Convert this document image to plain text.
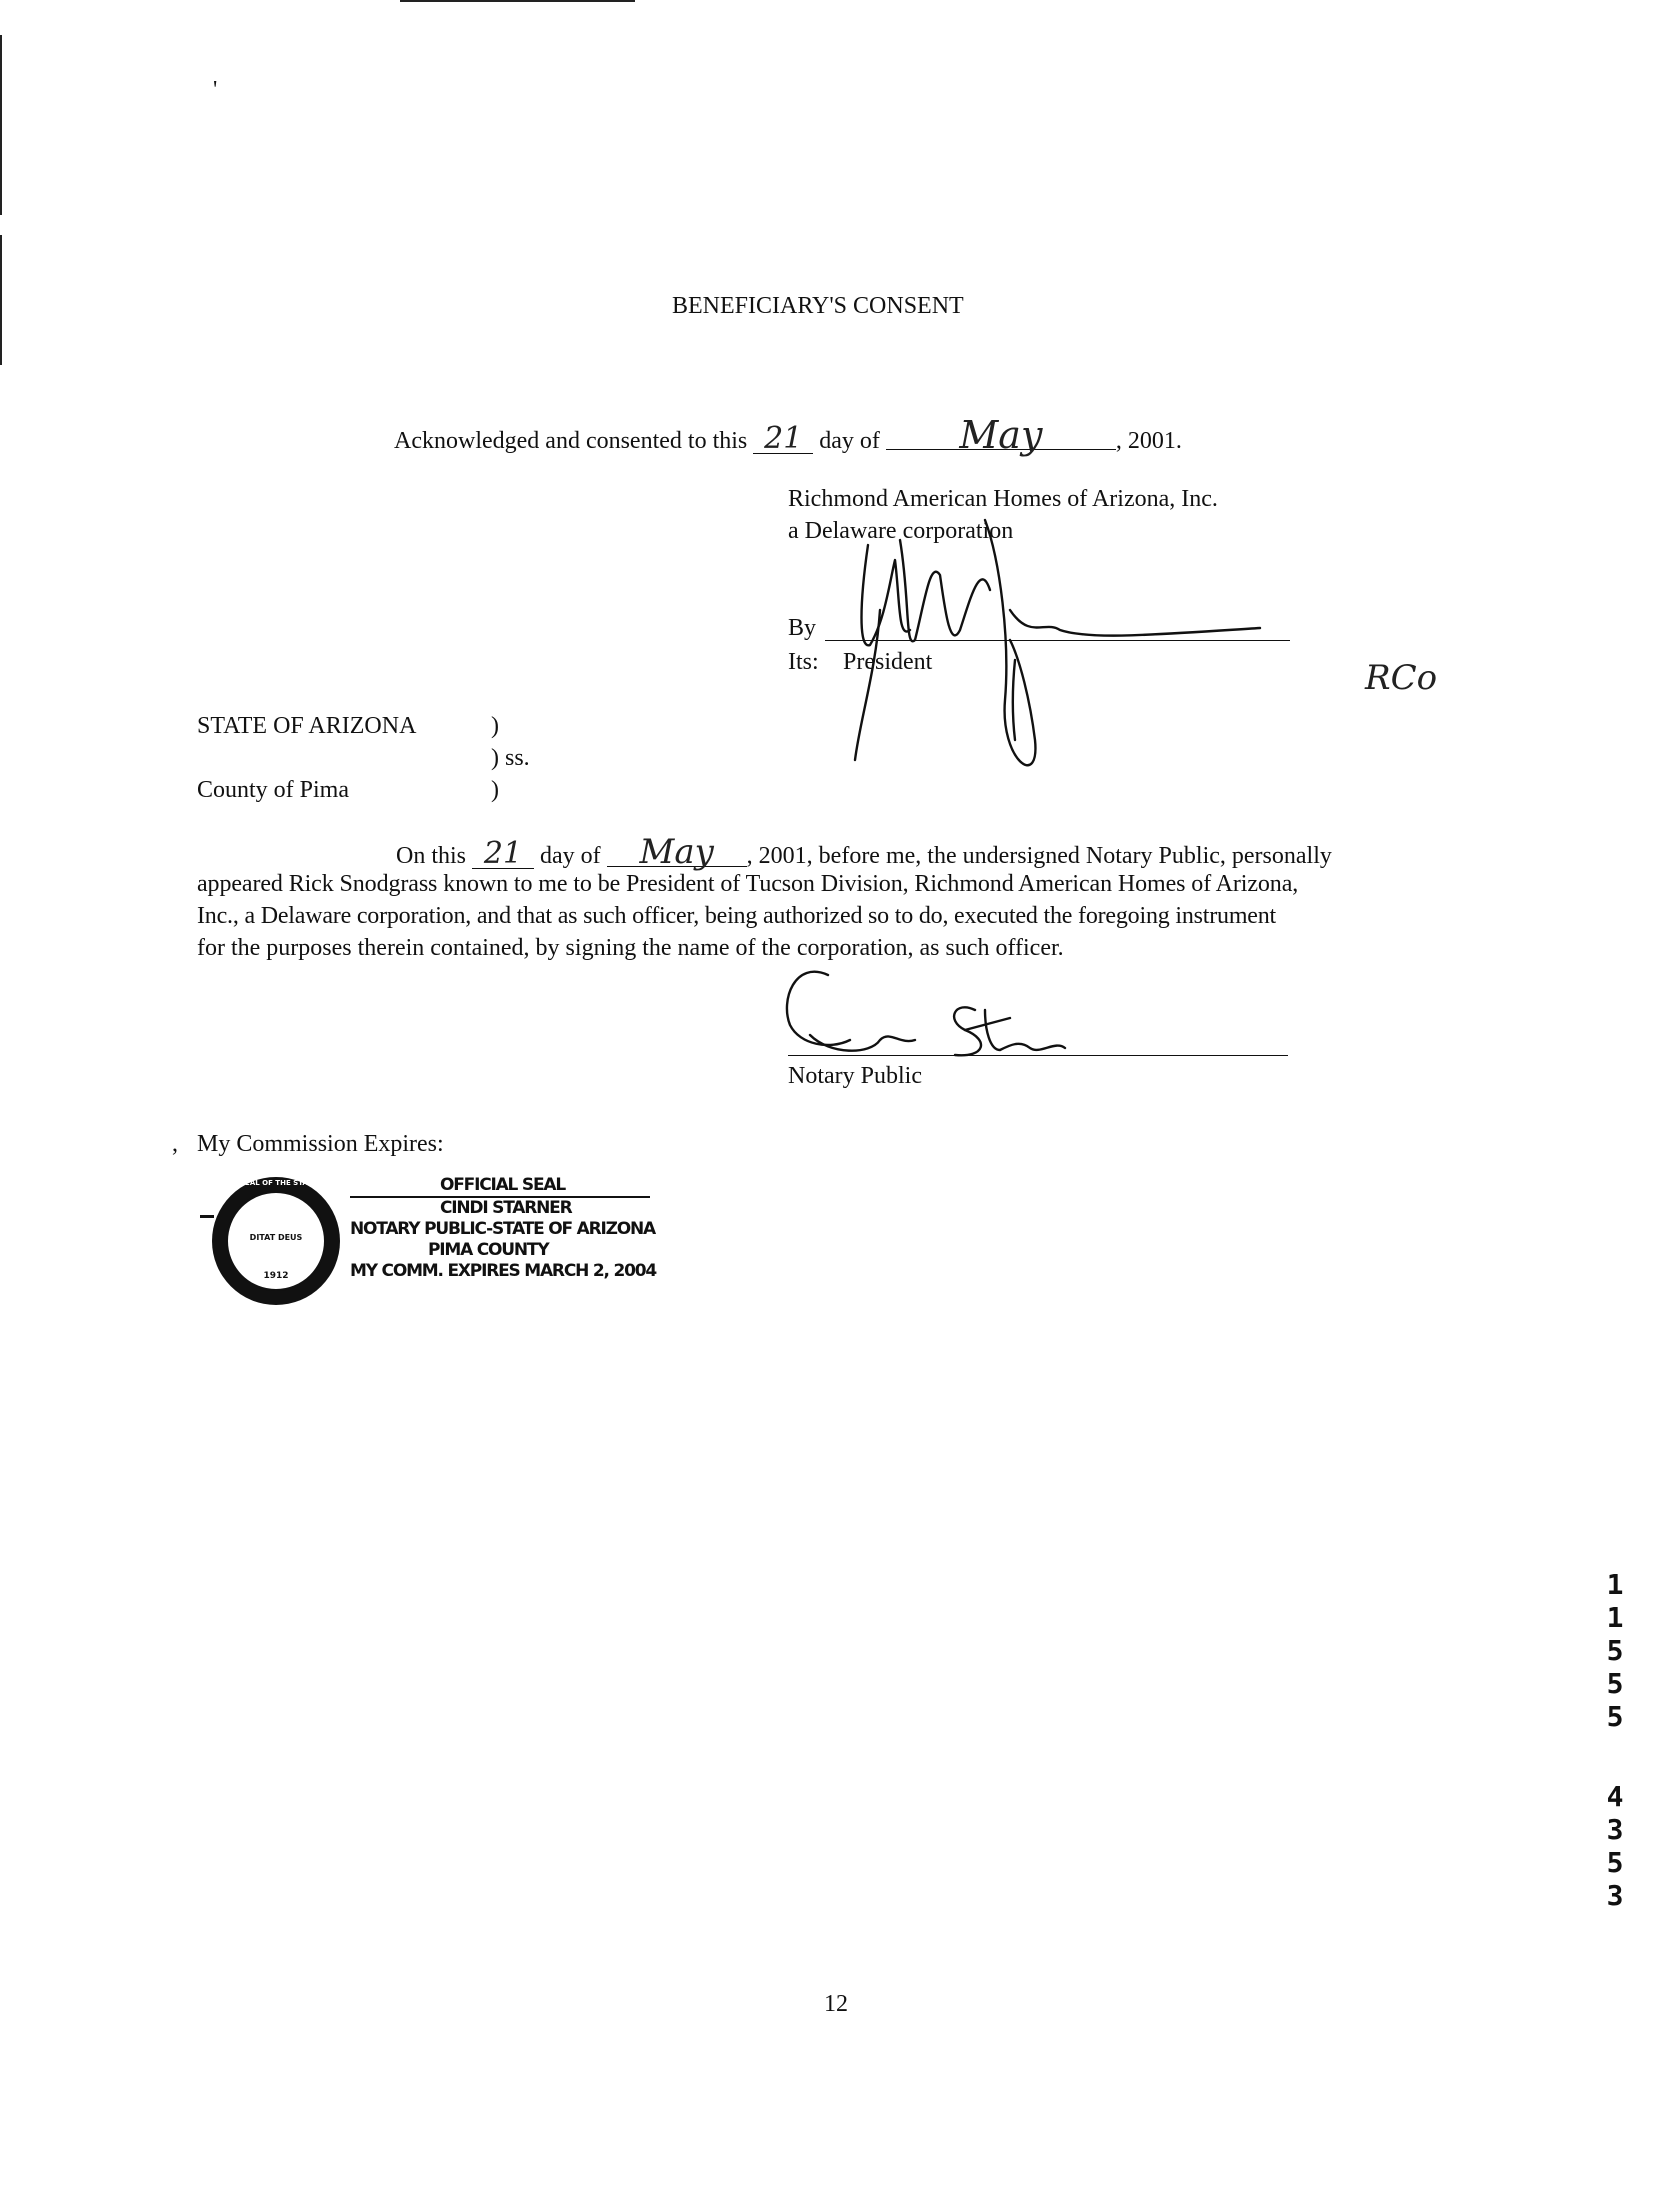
'
BENEFICIARY'S CONSENT
Acknowledged and consented to this 21 day of May	, 2001.
Richmond American Homes of Arizona, Inc.
a Delaware corporation
By
Its: President	RCo
STATE OF ARIZONA	)
) ss.
County of Pima	)
On this 21 day of May , 2001, before me, the undersigned Notary Public, personally
appeared Rick Snodgrass known to me to be President of Tucson Division, Richmond American Homes of Arizona,
Inc., a Delaware corporation, and that as such officer, being authorized so to do, executed the foregoing instrument
for the purposes therein contained, by signing the name of the corporation, as such officer.
Notary Public
, My Commission Expires:
DITAT DEUS
1912
GREAT SEAL OF THE STATE OF ARIZONA	OFFICIAL SEAL
CINDI STARNER
NOTARY PUBLIC-STATE OF ARIZONA
PIMA COUNTY
MY COMM. EXPIRES MARCH 2, 2004
1
1
5
5
5
4
3
5
3
12
